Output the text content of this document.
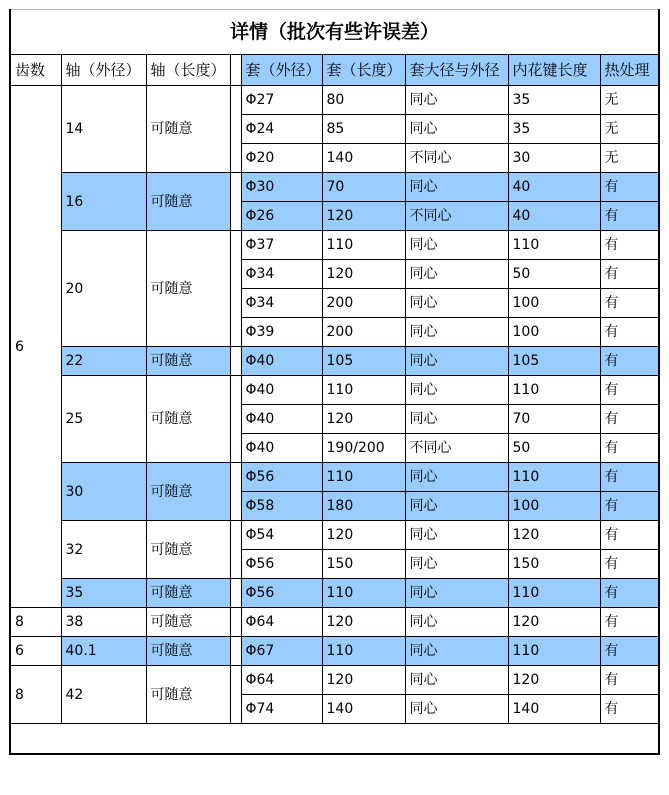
详情（批次有些许误差）								
齿数	轴（外径）	轴（长度）		套（外径）	套（长度）	套大径与外径	内花键长度	热处理
6	14	可随意		Φ27	80	同心	35	无
				Φ24	85	同心	35	无
				Φ20	140	不同心	30	无
	16	可随意		Φ30	70	同心	40	有
				Φ26	120	不同心	40	有
	20	可随意		Φ37	110	同心	110	有
				Φ34	120	同心	50	有
				Φ34	200	同心	100	有
				Φ39	200	同心	100	有
	22	可随意		Φ40	105	同心	105	有
	25	可随意		Φ40	110	同心	110	有
				Φ40	120	同心	70	有
				Φ40	190/200	不同心	50	有
	30	可随意		Φ56	110	同心	110	有
				Φ58	180	同心	100	有
	32	可随意		Φ54	120	同心	120	有
				Φ56	150	同心	150	有
	35	可随意		Φ56	110	同心	110	有
8	38	可随意		Φ64	120	同心	120	有
6	40.1	可随意		Φ67	110	同心	110	有
8	42	可随意		Φ64	120	同心	120	有
				Φ74	140	同心	140	有
